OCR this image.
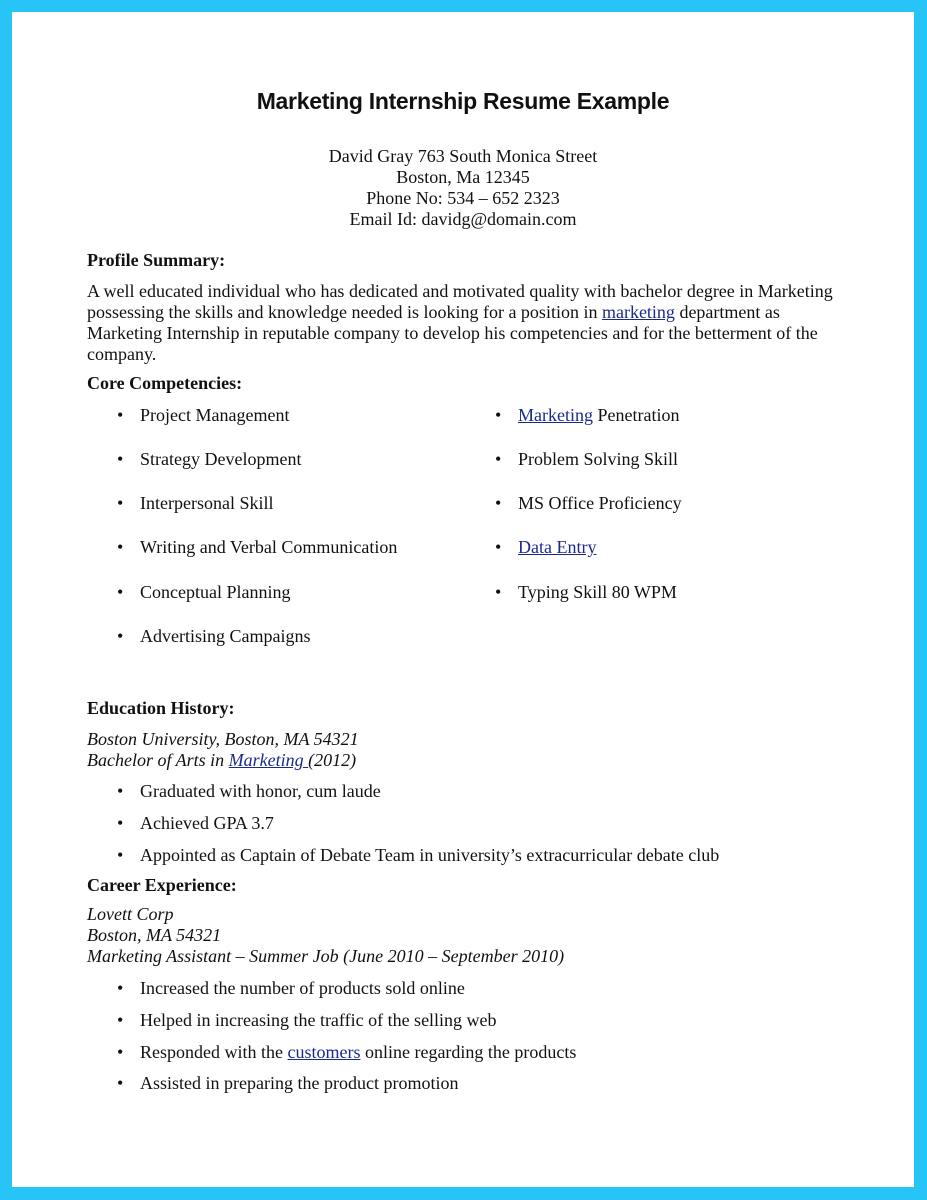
Marketing Internship Resume Example
David Gray 763 South Monica Street
Boston, Ma 12345
Phone No: 534 – 652 2323
Email Id: davidg@domain.com
Profile Summary:
A well educated individual who has dedicated and motivated quality with bachelor degree in Marketing possessing the skills and knowledge needed is looking for a position in marketing department as Marketing Internship in reputable company to develop his competencies and for the betterment of the company.
Core Competencies:
• Project Management
• Strategy Development
• Interpersonal Skill
• Writing and Verbal Communication
• Conceptual Planning
• Advertising Campaigns
• Marketing Penetration
• Problem Solving Skill
• MS Office Proficiency
• Data Entry
• Typing Skill 80 WPM
Education History:
Boston University, Boston, MA 54321
Bachelor of Arts in Marketing (2012)
• Graduated with honor, cum laude
• Achieved GPA 3.7
• Appointed as Captain of Debate Team in university’s extracurricular debate club
Career Experience:
Lovett Corp
Boston, MA 54321
Marketing Assistant – Summer Job (June 2010 – September 2010)
• Increased the number of products sold online
• Helped in increasing the traffic of the selling web
• Responded with the customers online regarding the products
• Assisted in preparing the product promotion
